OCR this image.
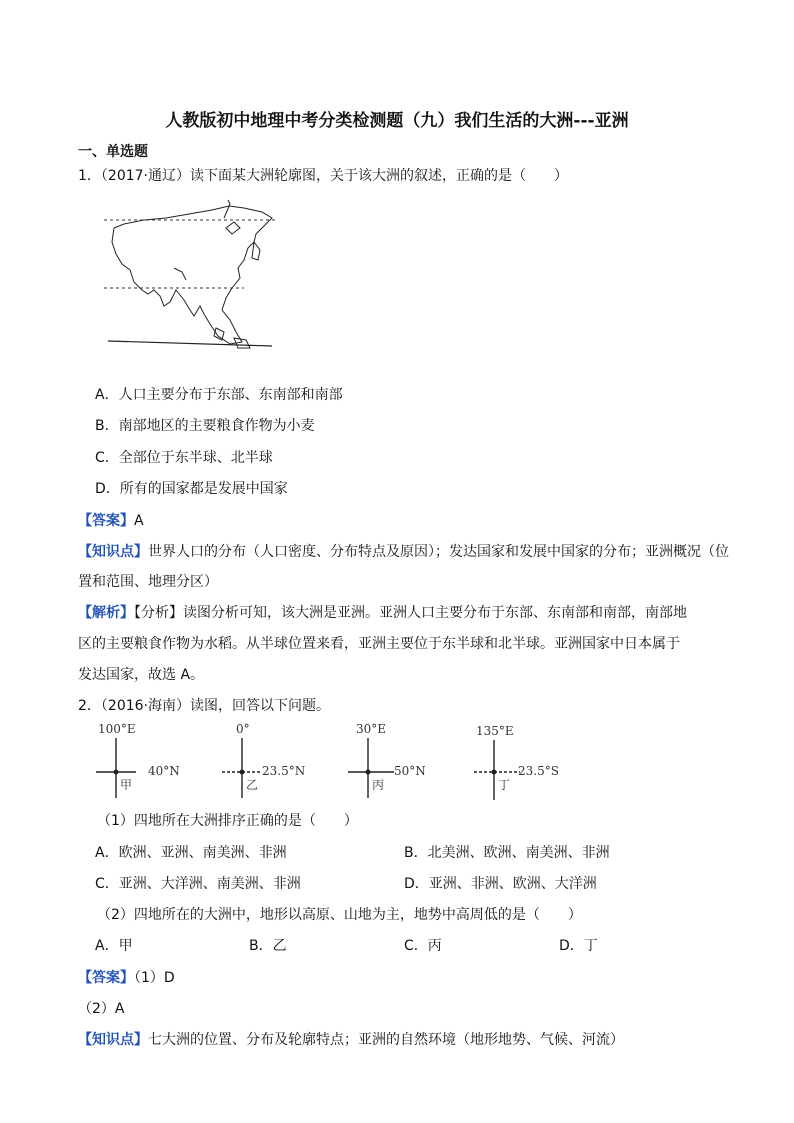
人教版初中地理中考分类检测题（九）我们生活的大洲---亚洲
一、单选题
1．（2017·通辽）读下面某大洲轮廓图，关于该大洲的叙述，正确的是（　　）
A．人口主要分布于东部、东南部和南部
B．南部地区的主要粮食作物为小麦
C．全部位于东半球、北半球
D．所有的国家都是发展中国家
【答案】A
【知识点】世界人口的分布（人口密度、分布特点及原因）；发达国家和发展中国家的分布；亚洲概况（位
置和范围、地理分区）
【解析】【分析】读图分析可知，该大洲是亚洲。亚洲人口主要分布于东部、东南部和南部，南部地
区的主要粮食作物为水稻。从半球位置来看，亚洲主要位于东半球和北半球。亚洲国家中日本属于
发达国家，故选 A。
2．（2016·海南）读图，回答以下问题。
100°E
40°N
甲
0°
23.5°N
乙
30°E
50°N
丙
135°E
23.5°S
丁
（1）四地所在大洲排序正确的是（　　）
A．欧洲、亚洲、南美洲、非洲	B．北美洲、欧洲、南美洲、非洲
C．亚洲、大洋洲、南美洲、非洲	D．亚洲、非洲、欧洲、大洋洲
（2）四地所在的大洲中，地形以高原、山地为主，地势中高周低的是（　　）
A．甲	B．乙	C．丙	D．丁
【答案】（1）D
（2）A
【知识点】七大洲的位置、分布及轮廓特点；亚洲的自然环境（地形地势、气候、河流）
